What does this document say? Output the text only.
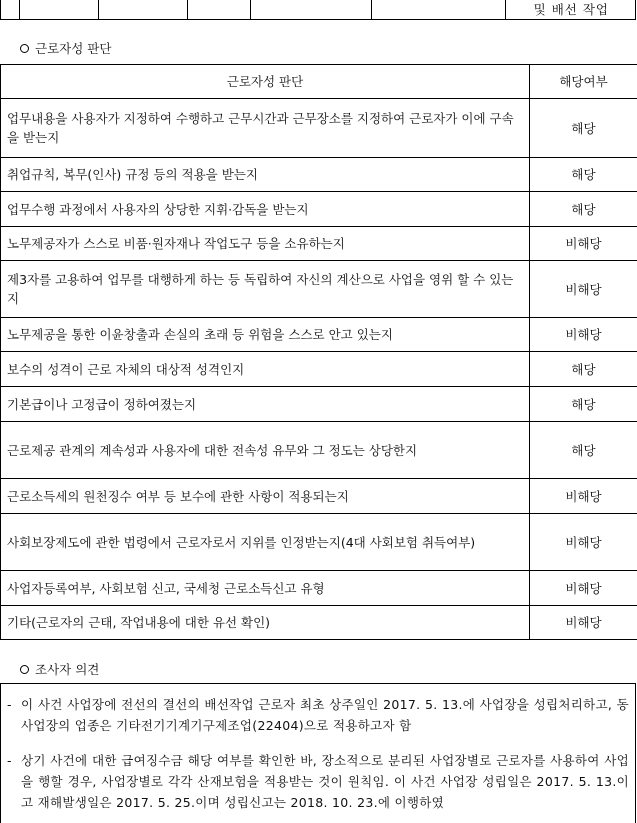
						및 배선 작업
근로자성 판단
근로자성 판단	해당여부
업무내용을 사용자가 지정하여 수행하고 근무시간과 근무장소를 지정하여 근로자가 이에 구속을 받는지	해당
취업규칙, 복무(인사) 규정 등의 적용을 받는지	해당
업무수행 과정에서 사용자의 상당한 지휘·감독을 받는지	해당
노무제공자가 스스로 비품·원자재나 작업도구 등을 소유하는지	비해당
제3자를 고용하여 업무를 대행하게 하는 등 독립하여 자신의 계산으로 사업을 영위 할 수 있는지	비해당
노무제공을 통한 이윤창출과 손실의 초래 등 위험을 스스로 안고 있는지	비해당
보수의 성격이 근로 자체의 대상적 성격인지	해당
기본급이나 고정급이 정하여졌는지	해당
근로제공 관계의 계속성과 사용자에 대한 전속성 유무와 그 정도는 상당한지	해당
근로소득세의 원천징수 여부 등 보수에 관한 사항이 적용되는지	비해당
사회보장제도에 관한 법령에서 근로자로서 지위를 인정받는지(4대 사회보험 취득여부)	비해당
사업자등록여부, 사회보험 신고, 국세청 근로소득신고 유형	비해당
기타(근로자의 근태, 작업내용에 대한 유선 확인)	비해당
조사자 의견
- 이 사건 사업장에 전선의 결선의 배선작업 근로자 최초 상주일인 2017. 5. 13.에 사업장을 성립처리하고, 동 사업장의 업종은 기타전기기계기구제조업(22404)으로 적용하고자 함
- 상기 사건에 대한 급여징수금 해당 여부를 확인한 바, 장소적으로 분리된 사업장별로 근로자를 사용하여 사업을 행할 경우, 사업장별로 각각 산재보험을 적용받는 것이 원칙임. 이 사건 사업장 성립일은 2017. 5. 13.이고 재해발생일은 2017. 5. 25.이며 성립신고는 2018. 10. 23.에 이행하였
